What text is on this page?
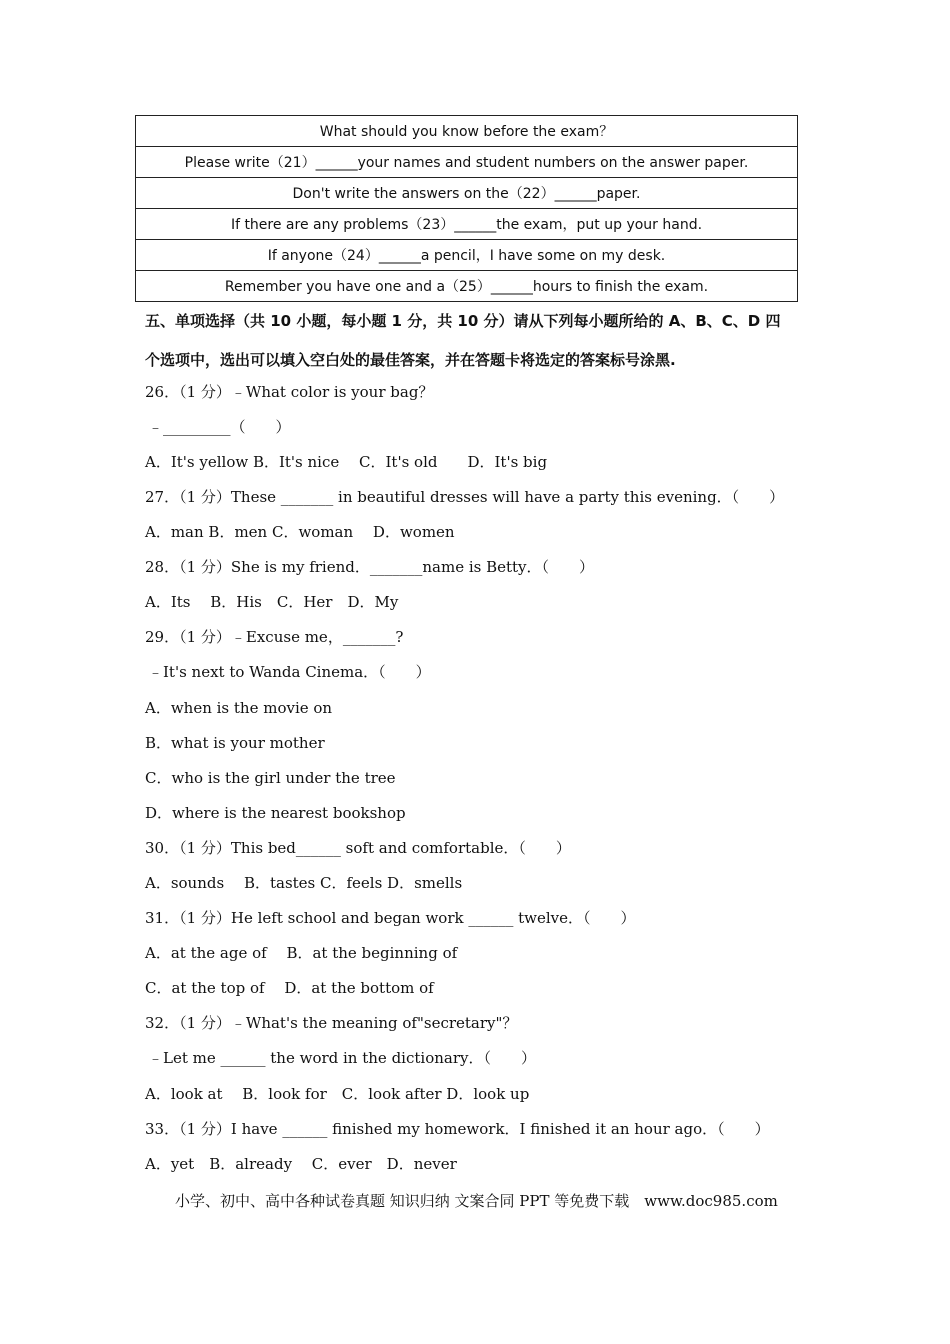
What should you know before the exam？
Please write（21）______your names and student numbers on the answer paper.
Don't write the answers on the（22）______paper.
If there are any problems（23）______the exam，put up your hand.
If anyone（24）______a pencil，I have some on my desk.
Remember you have one and a（25）______hours to finish the exam.
五、单项选择（共 10 小题，每小题 1 分，共 10 分）请从下列每小题所给的 A、B、C、D 四
个选项中，选出可以填入空白处的最佳答案，并在答题卡将选定的答案标号涂黑.
26．（1 分）﹣What color is your bag？
﹣_________（　　）
A．It's yellow B．It's nice　 C．It's old　　D．It's big
27．（1 分）These _______ in beautiful dresses will have a party this evening．（　　）
A．man B．men C．woman　 D．women
28．（1 分）She is my friend．_______name is Betty．（　　）
A．Its　 B．His　C．Her　D．My
29．（1 分）﹣Excuse me，_______?
﹣It's next to Wanda Cinema．（　　）
A．when is the movie on
B．what is your mother
C．who is the girl under the tree
D．where is the nearest bookshop
30．（1 分）This bed______ soft and comfortable．（　　）
A．sounds　 B．tastes C．feels D．smells
31．（1 分）He left school and began work ______ twelve．（　　）
A．at the age of　 B．at the beginning of
C．at the top of　 D．at the bottom of
32．（1 分）﹣What's the meaning of"secretary"？
﹣Let me ______ the word in the dictionary．（　　）
A．look at　 B．look for　C．look after D．look up
33．（1 分）I have ______ finished my homework．I finished it an hour ago．（　　）
A．yet　B．already　 C．ever　D．never
小学、初中、高中各种试卷真题 知识归纳 文案合同 PPT 等免费下载　www.doc985.com
